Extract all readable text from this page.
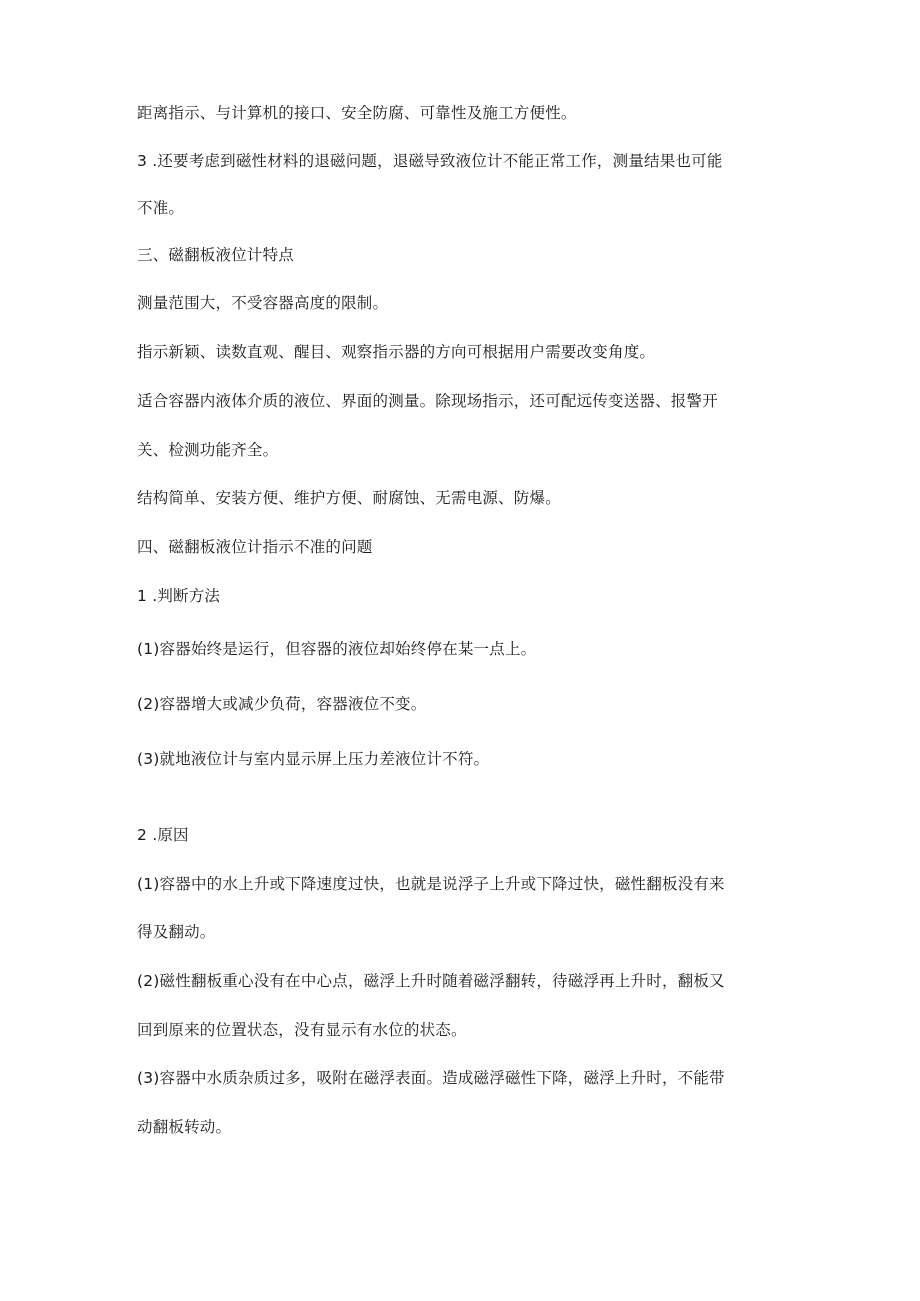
距离指示、与计算机的接口、安全防腐、可靠性及施工方便性。
3 .还要考虑到磁性材料的退磁问题，退磁导致液位计不能正常工作，测量结果也可能
不准。
三、磁翻板液位计特点
测量范围大，不受容器高度的限制。
指示新颖、读数直观、醒目、观察指示器的方向可根据用户需要改变角度。
适合容器内液体介质的液位、界面的测量。除现场指示，还可配远传变送器、报警开
关、检测功能齐全。
结构简单、安装方便、维护方便、耐腐蚀、无需电源、防爆。
四、磁翻板液位计指示不准的问题
1 .判断方法
(1)容器始终是运行，但容器的液位却始终停在某一点上。
(2)容器增大或减少负荷，容器液位不变。
(3)就地液位计与室内显示屏上压力差液位计不符。
2 .原因
(1)容器中的水上升或下降速度过快，也就是说浮子上升或下降过快，磁性翻板没有来
得及翻动。
(2)磁性翻板重心没有在中心点，磁浮上升时随着磁浮翻转，待磁浮再上升时，翻板又
回到原来的位置状态，没有显示有水位的状态。
(3)容器中水质杂质过多，吸附在磁浮表面。造成磁浮磁性下降，磁浮上升时，不能带
动翻板转动。
